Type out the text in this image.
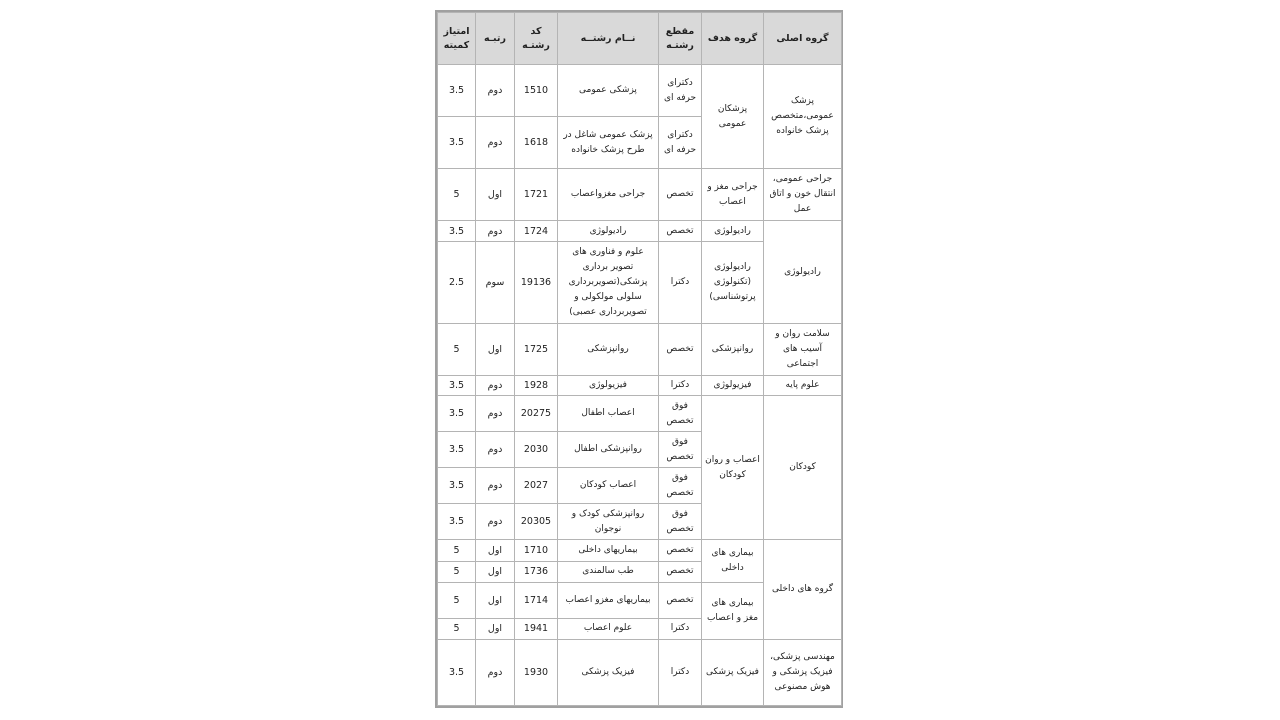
گروه اصلی	گروه هدف	مقطع رشتـه	نــام رشتــه	کد رشتـه	رتبـه	امتیاز کمیته
پزشک عمومی،متخصص پزشک خانواده	پزشکان عمومی	دکترای حرفه ای	پزشکی عمومی	1510	دوم	3.5
		دکترای حرفه ای	پزشک عمومی شاغل در طرح پزشک خانواده	1618	دوم	3.5
جراحی عمومی، انتقال خون و اتاق عمل	جراحی مغز و اعصاب	تخصص	جراحی مغزواعصاب	1721	اول	5
رادیولوژی	رادیولوژی	تخصص	رادیولوژی	1724	دوم	3.5
	رادیولوژی (تکنولوژی پرتوشناسی)	دکترا	علوم و فناوری های تصویر برداری پزشکی(تصویربرداری سلولی مولکولی و تصویربرداری عصبی)	19136	سوم	2.5
سلامت روان و آسیب های اجتماعی	روانپزشکی	تخصص	روانپزشکی	1725	اول	5
علوم پایه	فیزیولوژی	دکترا	فیزیولوژی	1928	دوم	3.5
کودکان	اعصاب و روان کودکان	فوق تخصص	اعصاب اطفال	20275	دوم	3.5
		فوق تخصص	روانپزشکی اطفال	2030	دوم	3.5
		فوق تخصص	اعصاب کودکان	2027	دوم	3.5
		فوق تخصص	روانپزشکی کودک و نوجوان	20305	دوم	3.5
گروه های داخلی	بیماری های داخلی	تخصص	بیماریهای داخلی	1710	اول	5
		تخصص	طب سالمندی	1736	اول	5
	بیماری های مغز و اعصاب	تخصص	بیماریهای مغزو اعصاب	1714	اول	5
		دکترا	علوم اعصاب	1941	اول	5
مهندسی پزشکی، فیزیک پزشکی و هوش مصنوعی	فیزیک پزشکی	دکترا	فیزیک پزشکی	1930	دوم	3.5
